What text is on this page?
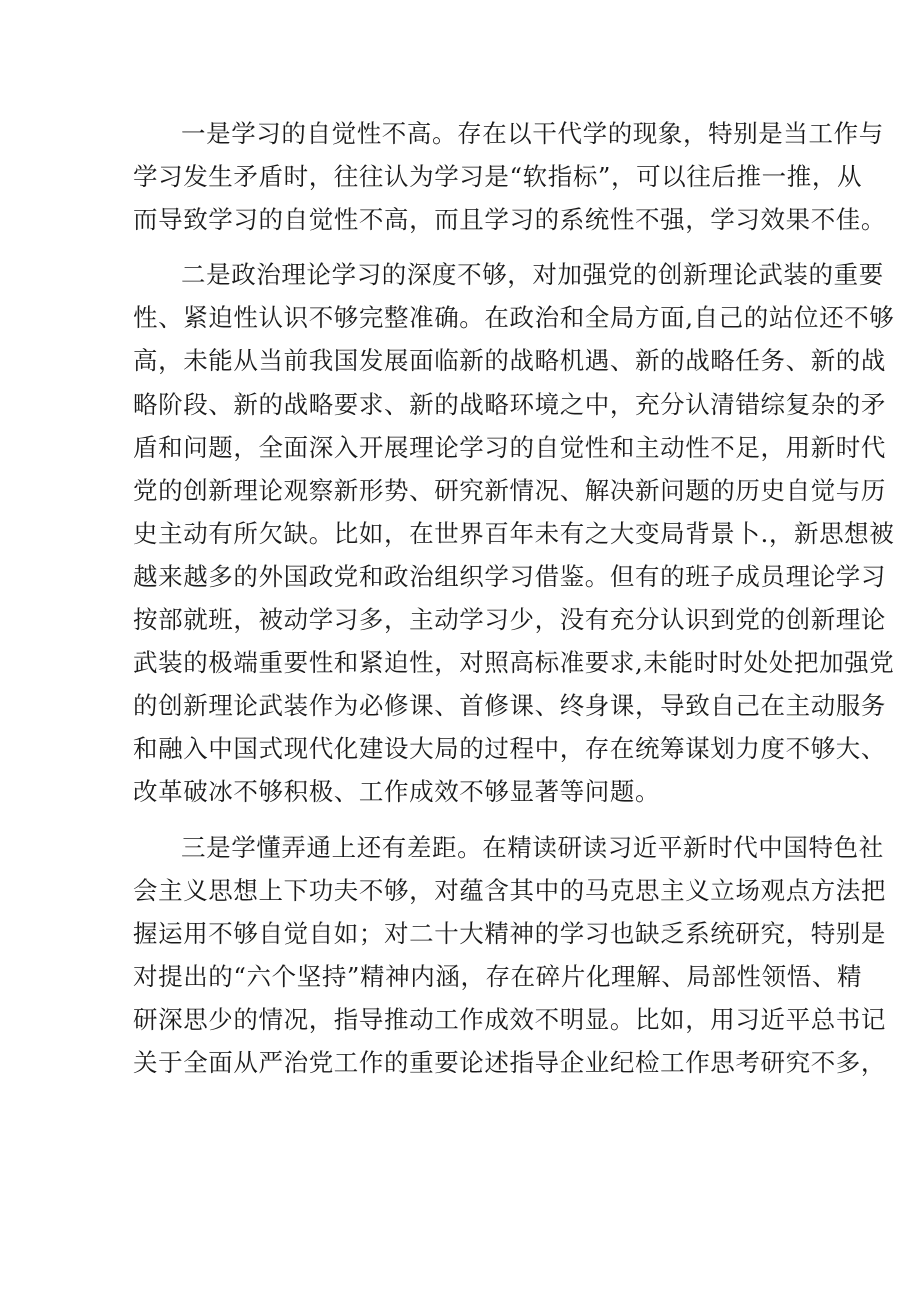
一是学习的自觉性不高。存在以干代学的现象，特别是当工作与
学习发生矛盾时，往往认为学习是“软指标”，可以往后推一推，从
而导致学习的自觉性不高，而且学习的系统性不强，学习效果不佳。
二是政治理论学习的深度不够，对加强党的创新理论武装的重要
性、紧迫性认识不够完整准确。在政治和全局方面,自己的站位还不够
高，未能从当前我国发展面临新的战略机遇、新的战略任务、新的战
略阶段、新的战略要求、新的战略环境之中，充分认清错综复杂的矛
盾和问题，全面深入开展理论学习的自觉性和主动性不足，用新时代
党的创新理论观察新形势、研究新情况、解决新问题的历史自觉与历
史主动有所欠缺。比如，在世界百年未有之大变局背景卜.，新思想被
越来越多的外国政党和政治组织学习借鉴。但有的班子成员理论学习
按部就班，被动学习多，主动学习少，没有充分认识到党的创新理论
武装的极端重要性和紧迫性，对照高标准要求,未能时时处处把加强党
的创新理论武装作为必修课、首修课、终身课，导致自己在主动服务
和融入中国式现代化建设大局的过程中，存在统筹谋划力度不够大、
改革破冰不够积极、工作成效不够显著等问题。
三是学懂弄通上还有差距。在精读研读习近平新时代中国特色社
会主义思想上下功夫不够，对蕴含其中的马克思主义立场观点方法把
握运用不够自觉自如；对二十大精神的学习也缺乏系统研究，特别是
对提出的“六个坚持”精神内涵，存在碎片化理解、局部性领悟、精
研深思少的情况，指导推动工作成效不明显。比如，用习近平总书记
关于全面从严治党工作的重要论述指导企业纪检工作思考研究不多，
